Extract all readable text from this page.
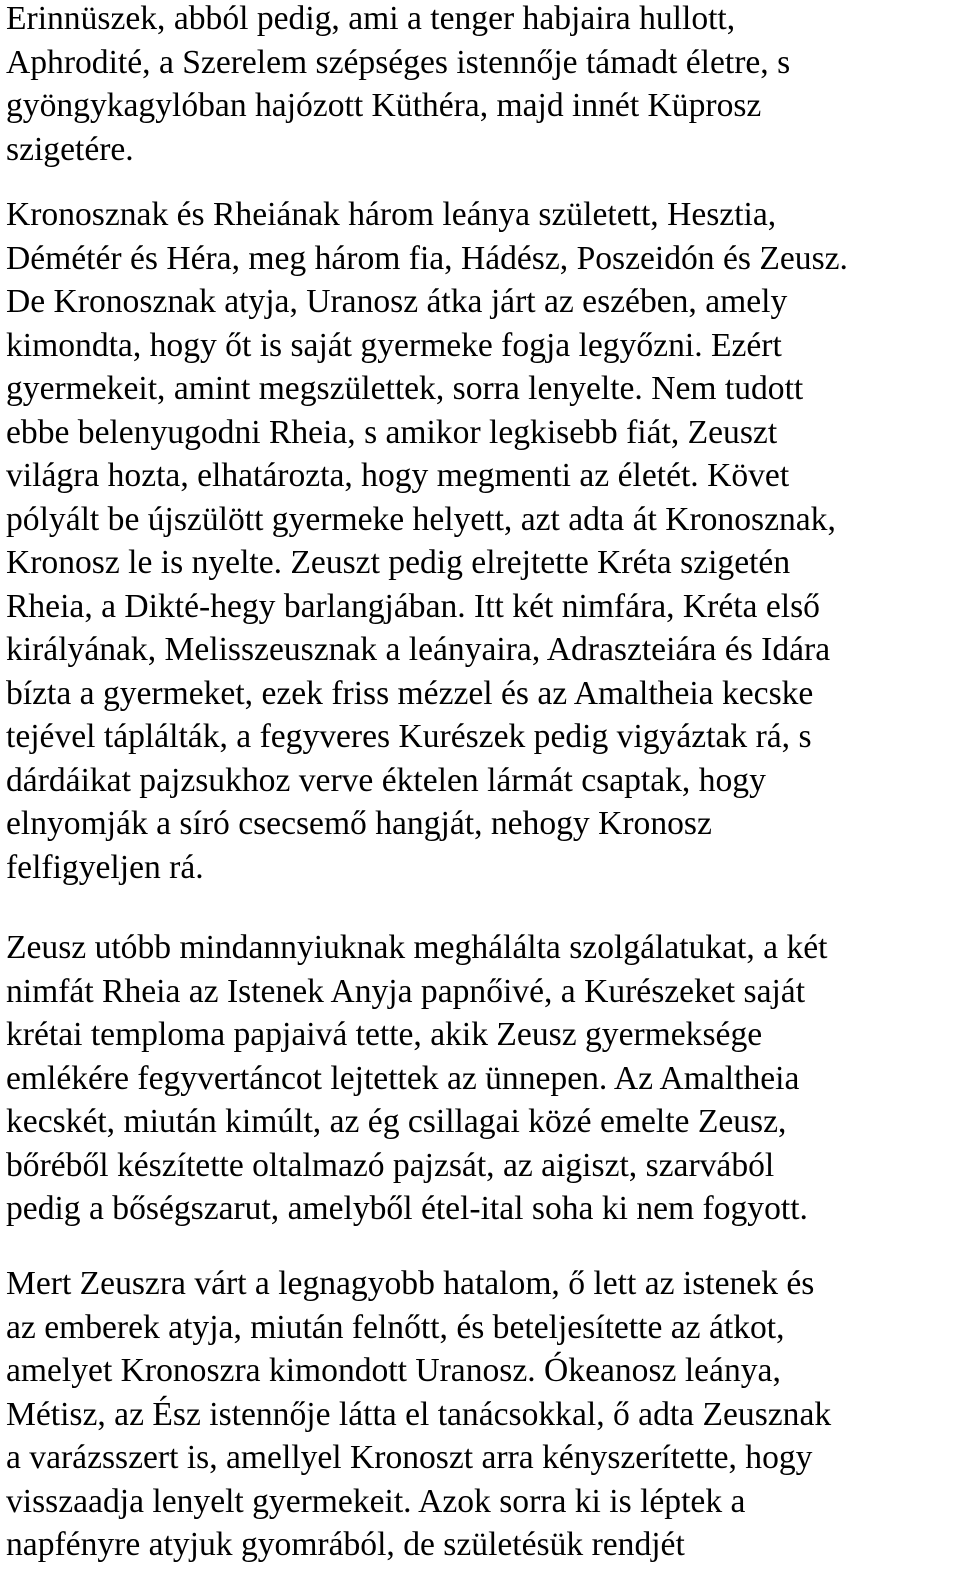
Erinnüszek, abból pedig, ami a tenger habjaira hullott,
Aphrodité, a Szerelem szépséges istennője támadt életre, s
gyöngykagylóban hajózott Küthéra, majd innét Küprosz
szigetére.
Kronosznak és Rheiának három leánya született, Hesztia,
Démétér és Héra, meg három fia, Hádész, Poszeidón és Zeusz.
De Kronosznak atyja, Uranosz átka járt az eszében, amely
kimondta, hogy őt is saját gyermeke fogja legyőzni. Ezért
gyermekeit, amint megszülettek, sorra lenyelte. Nem tudott
ebbe belenyugodni Rheia, s amikor legkisebb fiát, Zeuszt
világra hozta, elhatározta, hogy megmenti az életét. Követ
pólyált be újszülött gyermeke helyett, azt adta át Kronosznak,
Kronosz le is nyelte. Zeuszt pedig elrejtette Kréta szigetén
Rheia, a Dikté-hegy barlangjában. Itt két nimfára, Kréta első
királyának, Melisszeusznak a leányaira, Adraszteiára és Idára
bízta a gyermeket, ezek friss mézzel és az Amaltheia kecske
tejével táplálták, a fegyveres Kurészek pedig vigyáztak rá, s
dárdáikat pajzsukhoz verve éktelen lármát csaptak, hogy
elnyomják a síró csecsemő hangját, nehogy Kronosz
felfigyeljen rá.
Zeusz utóbb mindannyiuknak meghálálta szolgálatukat, a két
nimfát Rheia az Istenek Anyja papnőivé, a Kurészeket saját
krétai temploma papjaivá tette, akik Zeusz gyermeksége
emlékére fegyvertáncot lejtettek az ünnepen. Az Amaltheia
kecskét, miután kimúlt, az ég csillagai közé emelte Zeusz,
bőréből készítette oltalmazó pajzsát, az aigiszt, szarvából
pedig a bőségszarut, amelyből étel-ital soha ki nem fogyott.
Mert Zeuszra várt a legnagyobb hatalom, ő lett az istenek és
az emberek atyja, miután felnőtt, és beteljesítette az átkot,
amelyet Kronoszra kimondott Uranosz. Ókeanosz leánya,
Métisz, az Ész istennője látta el tanácsokkal, ő adta Zeusznak
a varázsszert is, amellyel Kronoszt arra kényszerítette, hogy
visszaadja lenyelt gyermekeit. Azok sorra ki is léptek a
napfényre atyjuk gyomrából, de születésük rendjét
